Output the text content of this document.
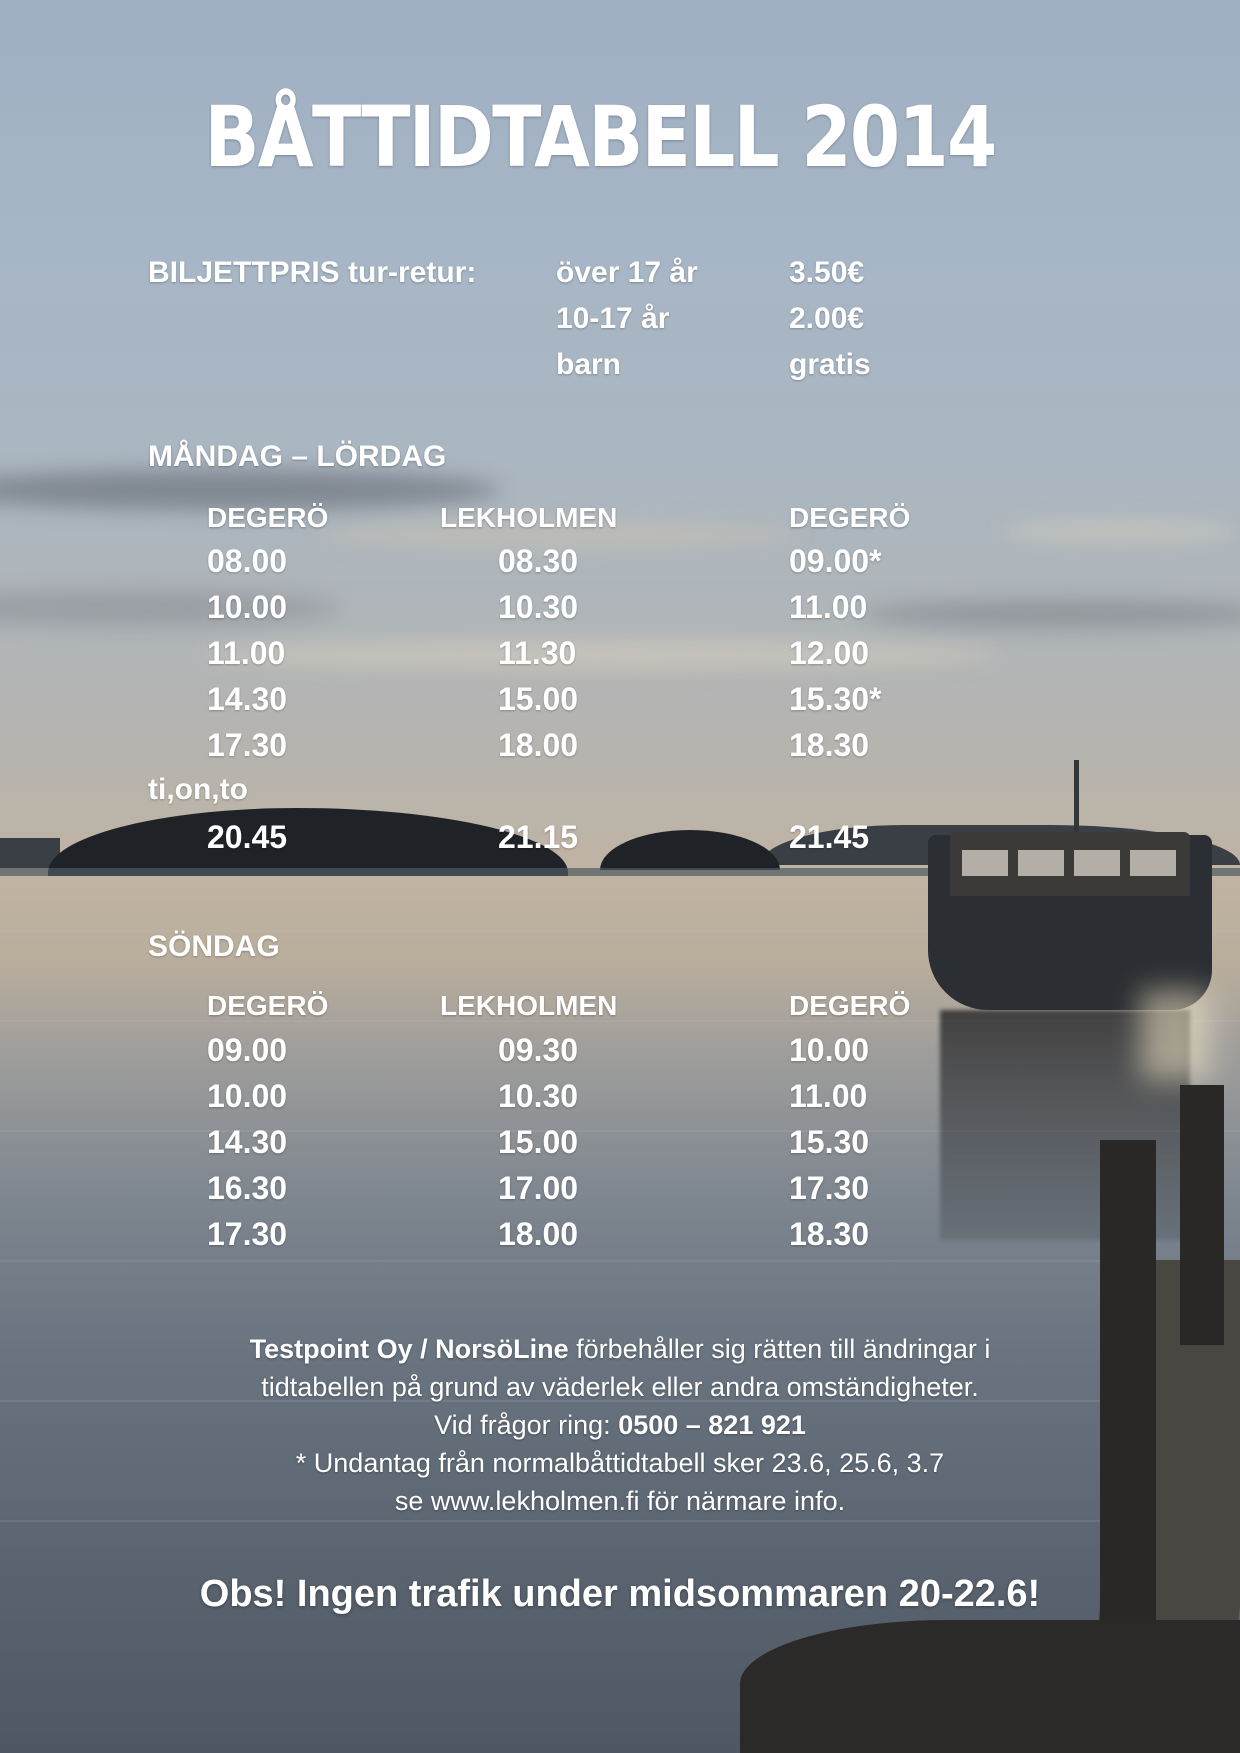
BÅTTIDTABELL 2014
BILJETTPRIS tur-retur:	över 17 år	3.50€
10-17 år	2.00€
barn	gratis
MÅNDAG – LÖRDAG
DEGERÖ	LEKHOLMEN	DEGERÖ
08.00	08.30	09.00*
10.00	10.30	11.00
11.00	11.30	12.00
14.30	15.00	15.30*
17.30	18.00	18.30
ti,on,to
20.45	21.15	21.45
SÖNDAG
DEGERÖ	LEKHOLMEN	DEGERÖ
09.00	09.30	10.00
10.00	10.30	11.00
14.30	15.00	15.30
16.30	17.00	17.30
17.30	18.00	18.30
Testpoint Oy / NorsöLine förbehåller sig rätten till ändringar i
tidtabellen på grund av väderlek eller andra omständigheter.
Vid frågor ring: 0500 – 821 921
* Undantag från normalbåttidtabell sker 23.6, 25.6, 3.7
se www.lekholmen.fi för närmare info.
Obs! Ingen trafik under midsommaren 20-22.6!
